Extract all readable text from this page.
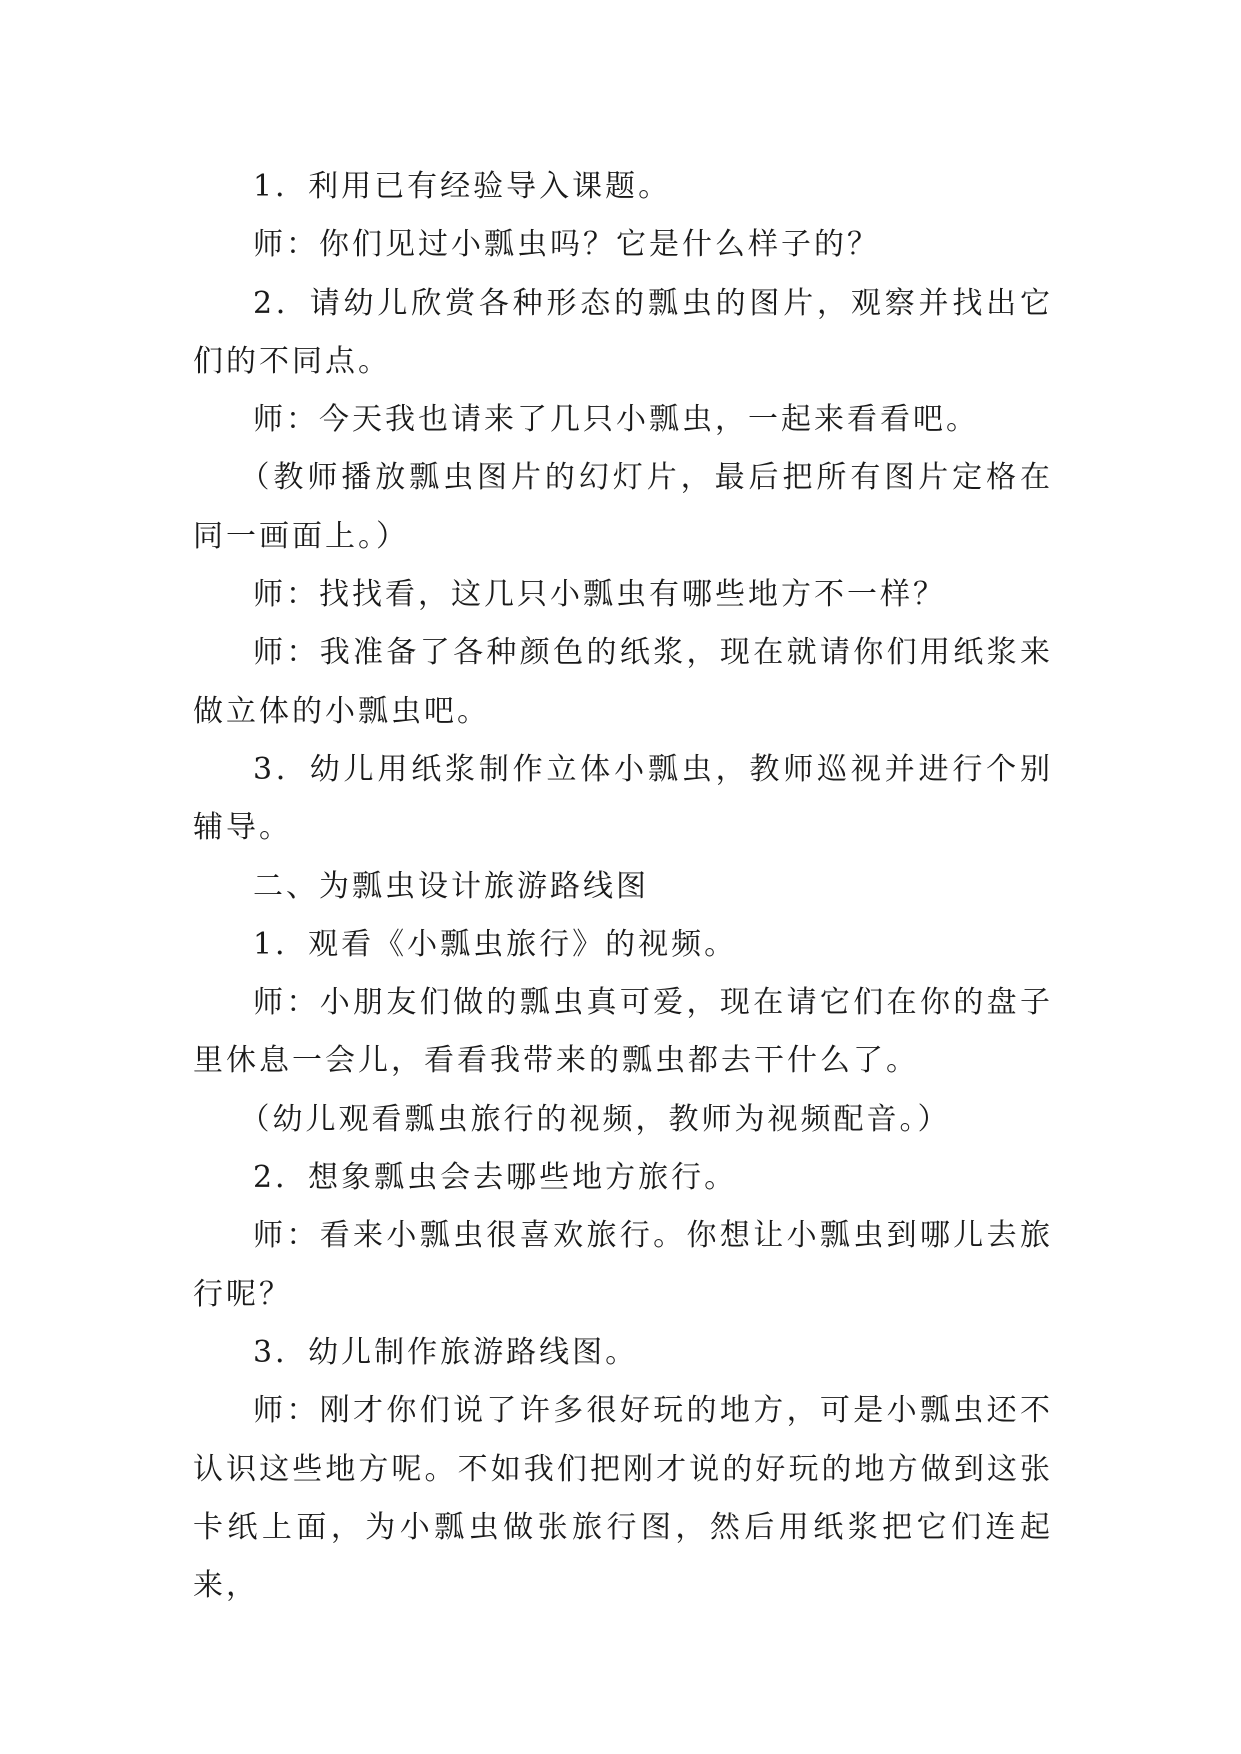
1．利用已有经验导入课题。

师：你们见过小瓢虫吗？它是什么样子的？

2．请幼儿欣赏各种形态的瓢虫的图片，观察并找出它们的不同点。

师：今天我也请来了几只小瓢虫，一起来看看吧。

（教师播放瓢虫图片的幻灯片，最后把所有图片定格在同一画面上。）

师：找找看，这几只小瓢虫有哪些地方不一样？

师：我准备了各种颜色的纸浆，现在就请你们用纸浆来做立体的小瓢虫吧。

3．幼儿用纸浆制作立体小瓢虫，教师巡视并进行个别辅导。

二、为瓢虫设计旅游路线图

1．观看《小瓢虫旅行》的视频。

师：小朋友们做的瓢虫真可爱，现在请它们在你的盘子里休息一会儿，看看我带来的瓢虫都去干什么了。

（幼儿观看瓢虫旅行的视频，教师为视频配音。）

2．想象瓢虫会去哪些地方旅行。

师：看来小瓢虫很喜欢旅行。你想让小瓢虫到哪儿去旅行呢？

3．幼儿制作旅游路线图。

师：刚才你们说了许多很好玩的地方，可是小瓢虫还不认识这些地方呢。不如我们把刚才说的好玩的地方做到这张卡纸上面，为小瓢虫做张旅行图，然后用纸浆把它们连起来，
